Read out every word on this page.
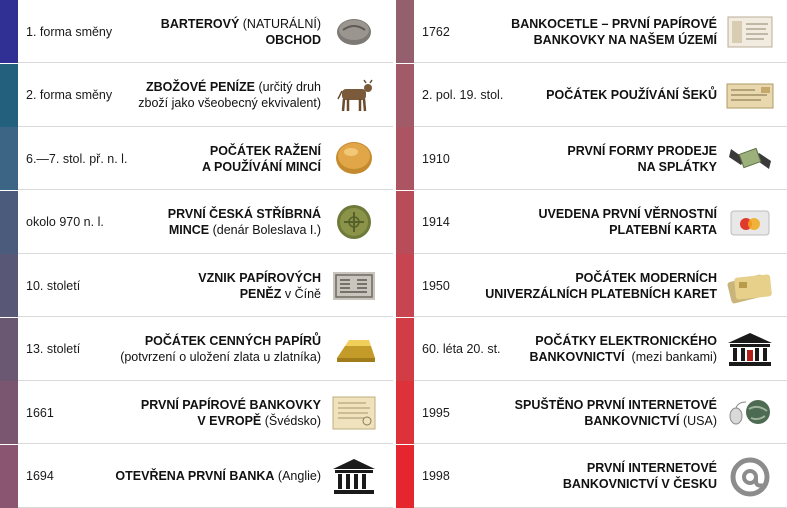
1. forma směny
BARTEROVÝ (NATURÁLNÍ)
OBCHOD
2. forma směny
ZBOŽOVÉ PENÍZE (určitý druh
zboží jako všeobecný ekvivalent)
6.—7. stol. př. n. l.
POČÁTEK RAŽENÍ
A POUŽÍVÁNÍ MINCÍ
okolo 970 n. l.
PRVNÍ ČESKÁ STŘÍBRNÁ
MINCE (denár Boleslava I.)
10. století
VZNIK PAPÍROVÝCH
PENĚZ v Číně
13. století
POČÁTEK CENNÝCH PAPÍRŮ
(potvrzení o uložení zlata u zlatníka)
1661
PRVNÍ PAPÍROVÉ BANKOVKY
V EVROPĚ (Švédsko)
1694	OTEVŘENA PRVNÍ BANKA (Anglie)
1762
BANKOCETLE – PRVNÍ PAPÍROVÉ
BANKOVKY NA NAŠEM ÚZEMÍ
2. pol. 19. stol.	POČÁTEK POUŽÍVÁNÍ ŠEKŮ
1910
PRVNÍ FORMY PRODEJE
NA SPLÁTKY
1914
UVEDENA PRVNÍ VĚRNOSTNÍ
PLATEBNÍ KARTA
1950
POČÁTEK MODERNÍCH
UNIVERZÁLNÍCH PLATEBNÍCH KARET
60. léta 20. st.
POČÁTKY ELEKTRONICKÉHO
BANKOVNICTVÍ  (mezi bankami)
1995
SPUŠTĚNO PRVNÍ INTERNETOVÉ
BANKOVNICTVÍ (USA)
1998
PRVNÍ INTERNETOVÉ
BANKOVNICTVÍ V ČESKU
